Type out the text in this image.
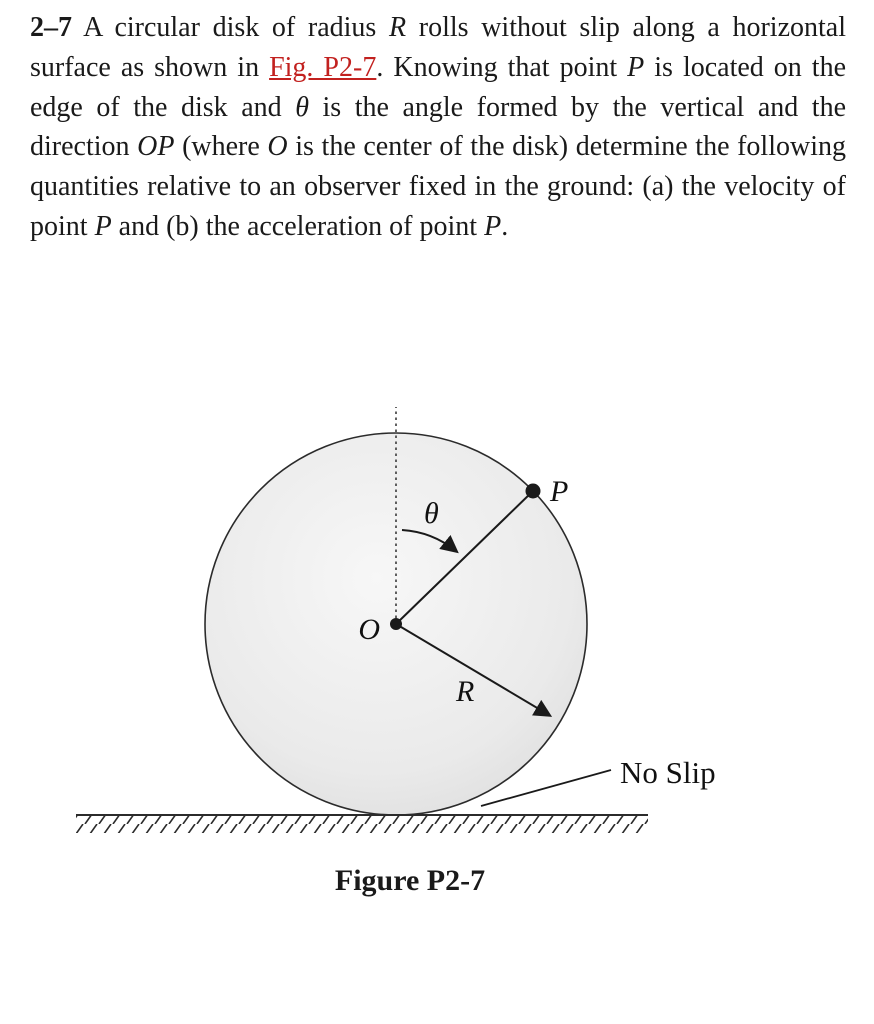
2–7 A circular disk of radius R rolls without slip along a horizontal surface as shown in Fig. P2-7. Knowing that point P is located on the edge of the disk and θ is the angle formed by the vertical and the direction OP (where O is the center of the disk) determine the following quantities relative to an observer fixed in the ground: (a) the velocity of point P and (b) the acceleration of point P.
θ
O
R
P
No Slip
Figure P2-7
